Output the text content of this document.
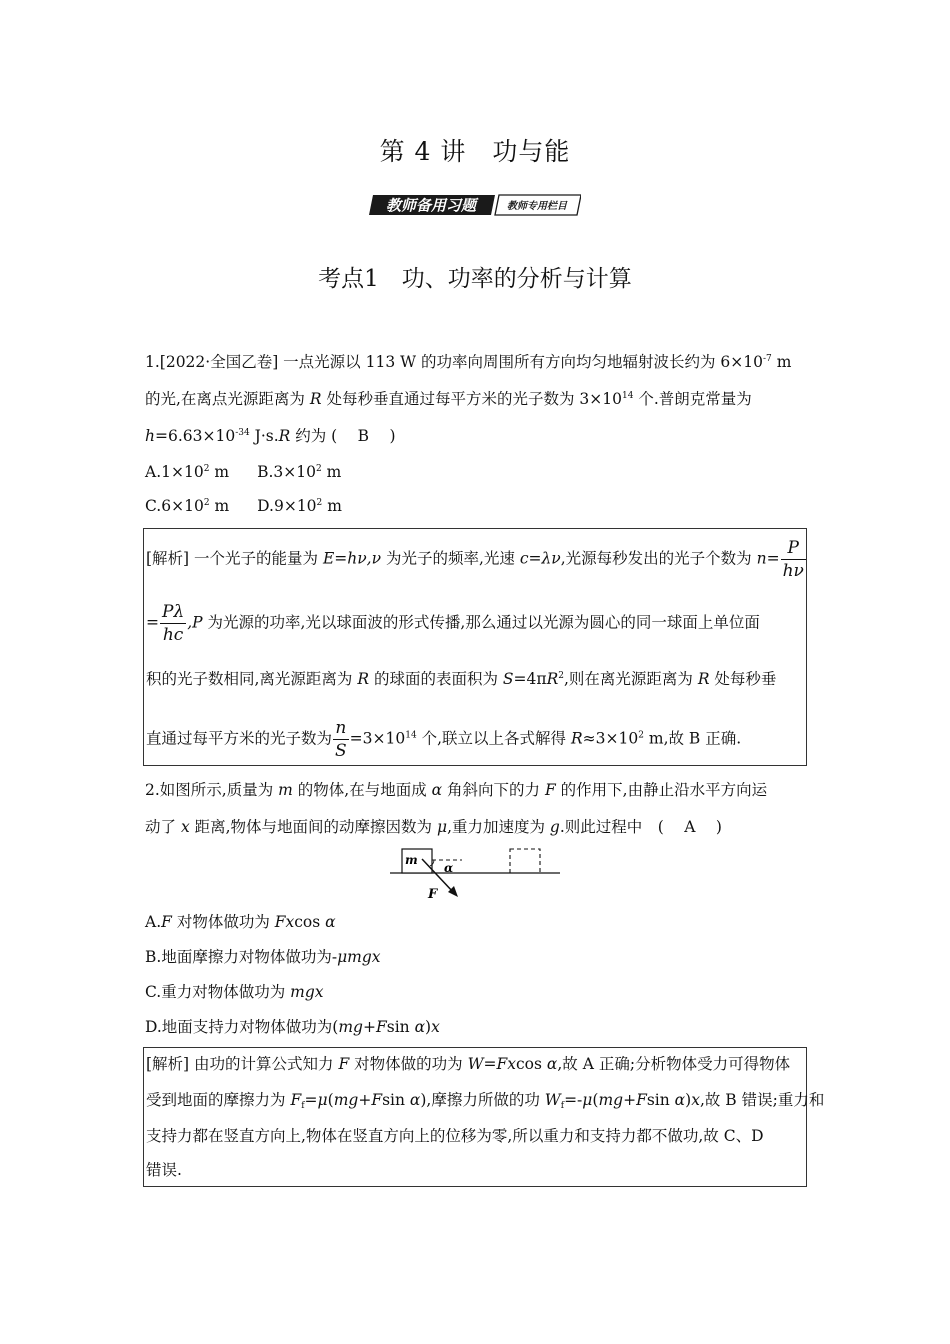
第 4 讲　功与能
教师备用习题	教师专用栏目
考点1　功、功率的分析与计算
1.[2022·全国乙卷] 一点光源以 113 W 的功率向周围所有方向均匀地辐射波长约为 $6\times 10^{-7}$ m
的光,在离点光源距离为 R 处每秒垂直通过每平方米的光子数为 $3\times 10^{14}$ 个.普朗克常量为
$h=6.63\times 10^{-34}$ J·s.R 约为 (　 B　 )
$A.1\times 10^2$ m $B.3\times 10^2$ m
$C.6\times 10^2$ m $D.9\times 10^2$ m
[解析] 一个光子的能量为 E=hν,ν 为光子的频率,光速 c=λν,光源每秒发出的光子个数为 $n= \frac{P}{h\nu}$
= $\frac{P\lambda}{hc} ,P$ 为光源的功率,光以球面波的形式传播,那么通过以光源为圆心的同一球面上单位面
积的光子数相同,离光源距离为 R 的球面的表面积为 $S=4\pi R^2$,则在离光源距离为 R 处每秒垂
直通过每平方米的光子数为 $\frac{n}{S} =3\times 10^{14}$ 个,联立以上各式解得 $R\approx 3\times 10^2$ m,故 B 正确.
2.如图所示,质量为 m 的物体,在与地面成 α 角斜向下的力 F 的作用下,由静止沿水平方向运
动了 x 距离,物体与地面间的动摩擦因数为 μ,重力加速度为 g.则此过程中　( 　A 　)
m
α
F
A.F 对物体做功为 Fxcos α
B.地面摩擦力对物体做功为-μmgx
C.重力对物体做功为 mgx
D.地面支持力对物体做功为(mg+Fsin α)x
[解析] 由功的计算公式知力 F 对物体做的功为 W=Fxcos α,故 A 正确;分析物体受力可得物体
受到地面的摩擦力为 $F_f=\mu(mg+Fsin$ α),摩擦力所做的功 $W_f=-\mu(mg+Fsin$ α)x,故 B 错误;重力和
支持力都在竖直方向上,物体在竖直方向上的位移为零,所以重力和支持力都不做功,故 C、D
错误.
